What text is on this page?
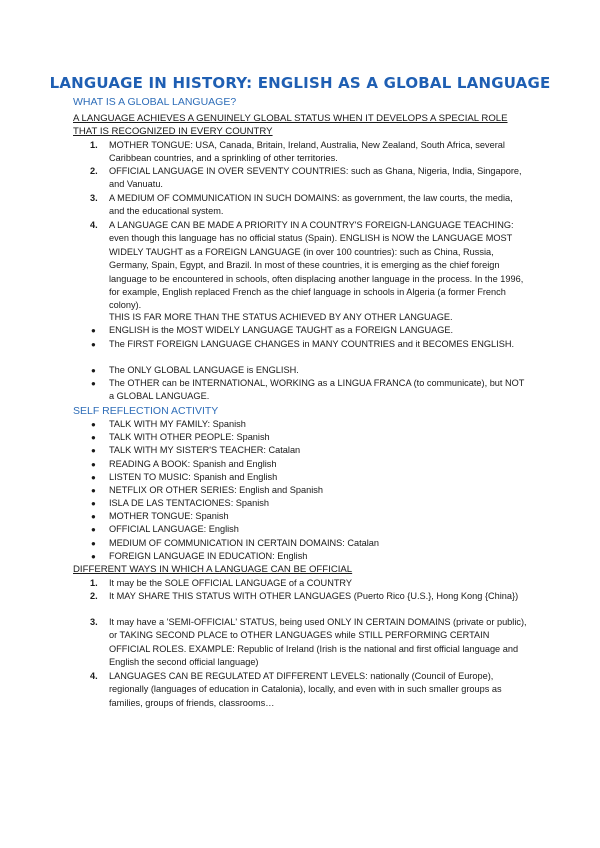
LANGUAGE IN HISTORY: ENGLISH AS A GLOBAL LANGUAGE
WHAT IS A GLOBAL LANGUAGE?
A LANGUAGE ACHIEVES A GENUINELY GLOBAL STATUS WHEN IT DEVELOPS A SPECIAL ROLE THAT IS RECOGNIZED IN EVERY COUNTRY
1.	MOTHER TONGUE: USA, Canada, Britain, Ireland, Australia, New Zealand, South Africa, several Caribbean countries, and a sprinkling of other territories.
2.	OFFICIAL LANGUAGE IN OVER SEVENTY COUNTRIES: such as Ghana, Nigeria, India, Singapore, and Vanuatu.
3.	A MEDIUM OF COMMUNICATION IN SUCH DOMAINS: as government, the law courts, the media, and the educational system.
4.	A LANGUAGE CAN BE MADE A PRIORITY IN A COUNTRY'S FOREIGN-LANGUAGE TEACHING: even though this language has no official status (Spain). ENGLISH is NOW the LANGUAGE MOST WIDELY TAUGHT as a FOREIGN LANGUAGE (in over 100 countries): such as China, Russia, Germany, Spain, Egypt, and Brazil. In most of these countries, it is emerging as the chief foreign language to be encountered in schools, often displacing another language in the process. In the 1996, for example, English replaced French as the chief language in schools in Algeria (a former French colony).
THIS IS FAR MORE THAN THE STATUS ACHIEVED BY ANY OTHER LANGUAGE.
●	ENGLISH is the MOST WIDELY LANGUAGE TAUGHT as a FOREIGN LANGUAGE.
●	The FIRST FOREIGN LANGUAGE CHANGES in MANY COUNTRIES and it BECOMES ENGLISH.
●	The ONLY GLOBAL LANGUAGE is ENGLISH.
●	The OTHER can be INTERNATIONAL, WORKING as a LINGUA FRANCA (to communicate), but NOT a GLOBAL LANGUAGE.
SELF REFLECTION ACTIVITY
●	TALK WITH MY FAMILY: Spanish
●	TALK WITH OTHER PEOPLE: Spanish
●	TALK WITH MY SISTER'S TEACHER: Catalan
●	READING A BOOK: Spanish and English
●	LISTEN TO MUSIC: Spanish and English
●	NETFLIX OR OTHER SERIES: English and Spanish
●	ISLA DE LAS TENTACIONES: Spanish
●	MOTHER TONGUE: Spanish
●	OFFICIAL LANGUAGE: English
●	MEDIUM OF COMMUNICATION IN CERTAIN DOMAINS: Catalan
●	FOREIGN LANGUAGE IN EDUCATION: English
DIFFERENT WAYS IN WHICH A LANGUAGE CAN BE OFFICIAL
1.	It may be the SOLE OFFICIAL LANGUAGE of a COUNTRY
2.	It MAY SHARE THIS STATUS WITH OTHER LANGUAGES (Puerto Rico {U.S.}, Hong Kong {China})
3.	It may have a 'SEMI-OFFICIAL' STATUS, being used ONLY IN CERTAIN DOMAINS (private or public), or TAKING SECOND PLACE to OTHER LANGUAGES while STILL PERFORMING CERTAIN OFFICIAL ROLES. EXAMPLE: Republic of Ireland (Irish is the national and first official language and English the second official language)
4.	LANGUAGES CAN BE REGULATED AT DIFFERENT LEVELS: nationally (Council of Europe), regionally (languages of education in Catalonia), locally, and even with in such smaller groups as families, groups of friends, classrooms…
